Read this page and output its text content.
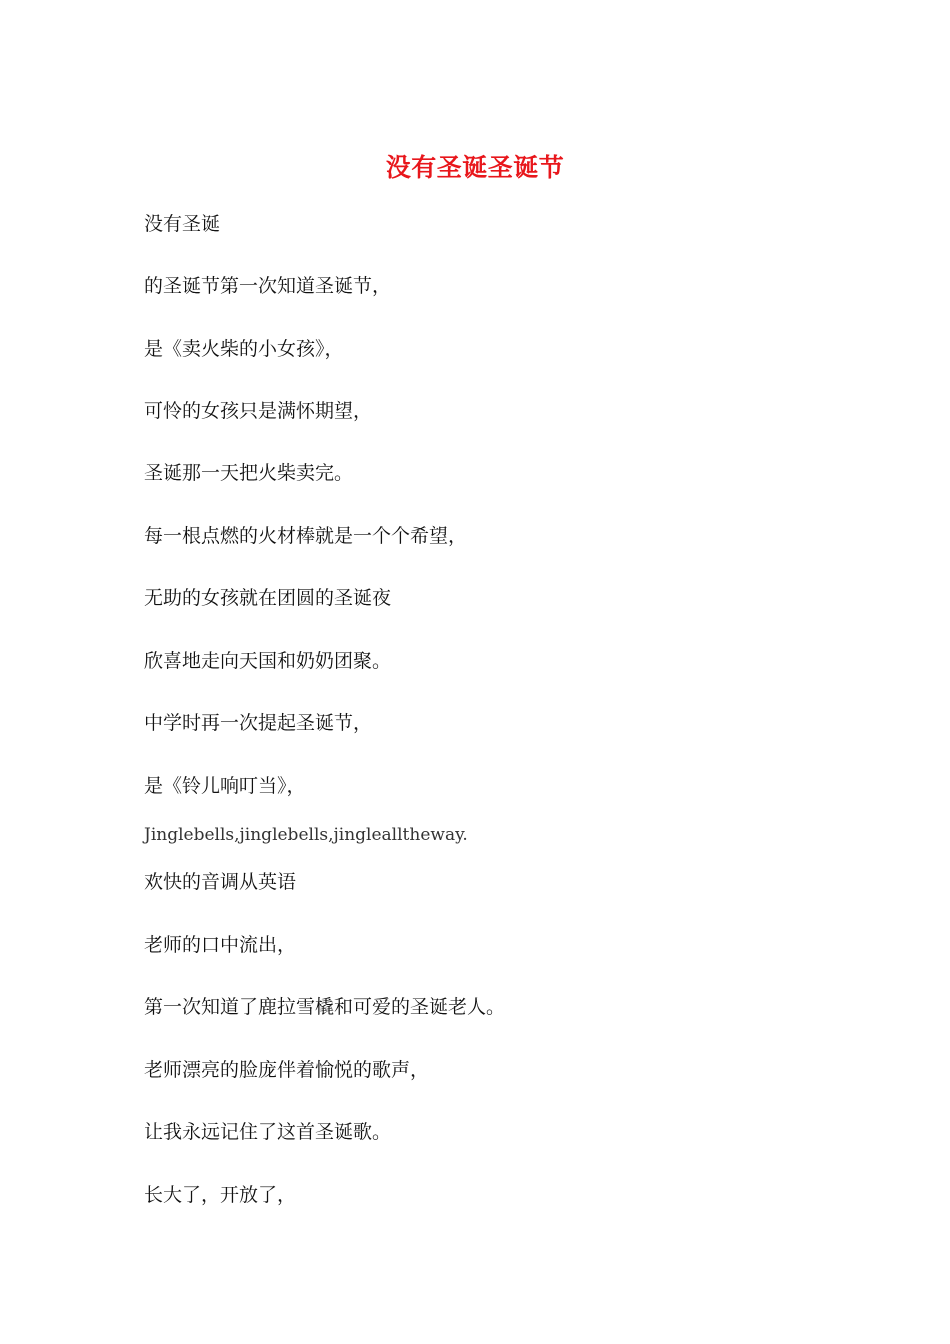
没有圣诞圣诞节
没有圣诞
的圣诞节第一次知道圣诞节，
是《卖火柴的小女孩》，
可怜的女孩只是满怀期望，
圣诞那一天把火柴卖完。
每一根点燃的火材棒就是一个个希望，
无助的女孩就在团圆的圣诞夜
欣喜地走向天国和奶奶团聚。
中学时再一次提起圣诞节，
是《铃儿响叮当》，
Jinglebells,jinglebells,jinglealltheway.
欢快的音调从英语
老师的口中流出，
第一次知道了鹿拉雪橇和可爱的圣诞老人。
老师漂亮的脸庞伴着愉悦的歌声，
让我永远记住了这首圣诞歌。
长大了，开放了，
